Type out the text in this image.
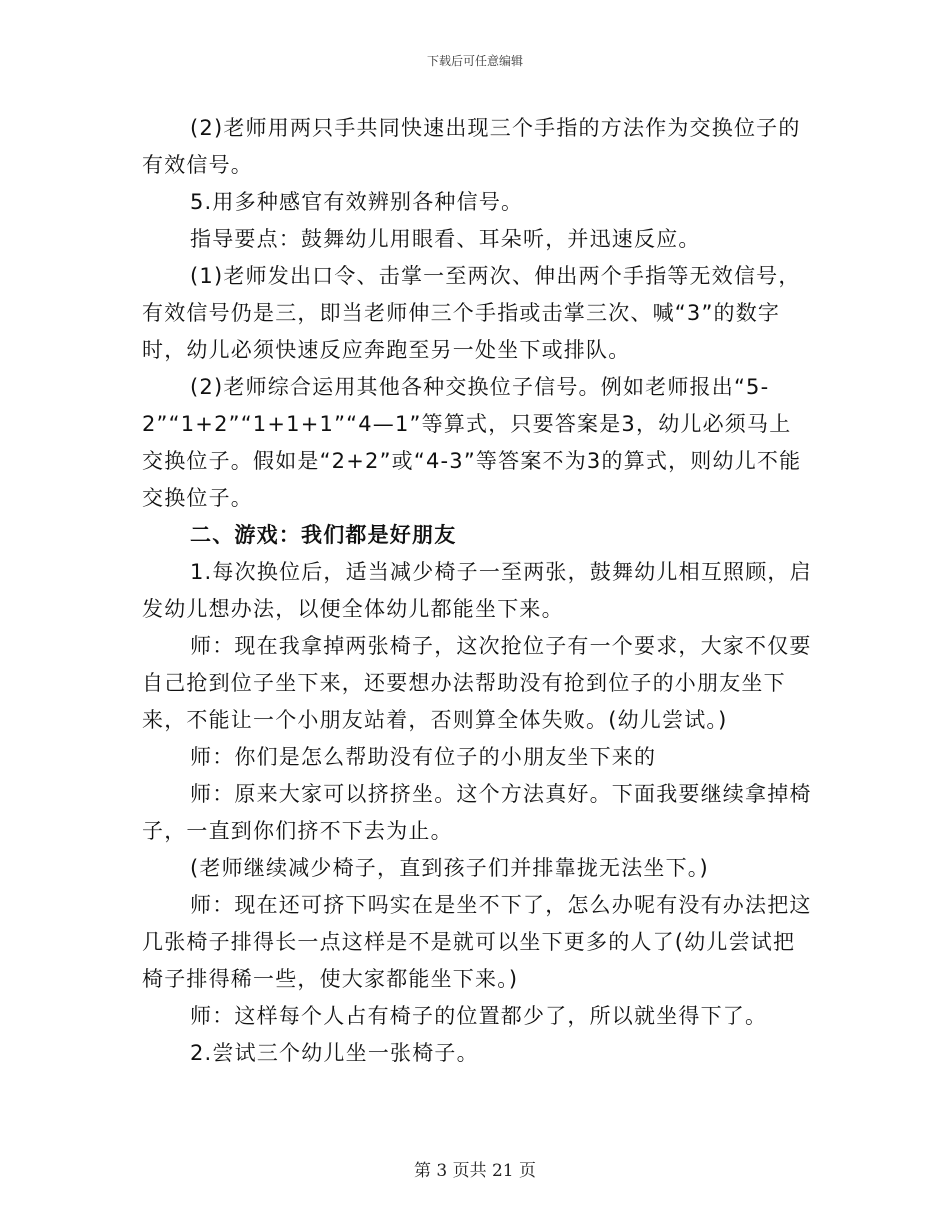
下载后可任意编辑

(2)老师用两只手共同快速出现三个手指的方法作为交换位子的有效信号。

5.用多种感官有效辨别各种信号。

指导要点：鼓舞幼儿用眼看、耳朵听，并迅速反应。

(1)老师发出口令、击掌一至两次、伸出两个手指等无效信号，有效信号仍是三，即当老师伸三个手指或击掌三次、喊“3”的数字时，幼儿必须快速反应奔跑至另一处坐下或排队。

(2)老师综合运用其他各种交换位子信号。例如老师报出“5-2”“1+2”“1+1+1”“4—1”等算式，只要答案是3，幼儿必须马上交换位子。假如是“2+2”或“4-3”等答案不为3的算式，则幼儿不能交换位子。

二、游戏：我们都是好朋友

1.每次换位后，适当减少椅子一至两张，鼓舞幼儿相互照顾，启发幼儿想办法，以便全体幼儿都能坐下来。

师：现在我拿掉两张椅子，这次抢位子有一个要求，大家不仅要自己抢到位子坐下来，还要想办法帮助没有抢到位子的小朋友坐下来，不能让一个小朋友站着，否则算全体失败。(幼儿尝试。)

师：你们是怎么帮助没有位子的小朋友坐下来的

师：原来大家可以挤挤坐。这个方法真好。下面我要继续拿掉椅子，一直到你们挤不下去为止。

(老师继续减少椅子，直到孩子们并排靠拢无法坐下。)

师：现在还可挤下吗实在是坐不下了，怎么办呢有没有办法把这几张椅子排得长一点这样是不是就可以坐下更多的人了(幼儿尝试把椅子排得稀一些，使大家都能坐下来。)

师：这样每个人占有椅子的位置都少了，所以就坐得下了。

2.尝试三个幼儿坐一张椅子。

第 3 页共 21 页
